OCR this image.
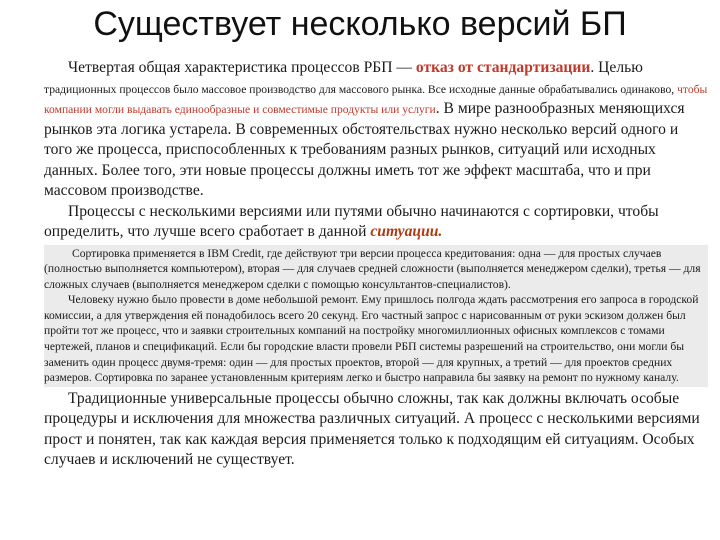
Существует несколько версий БП

Четвертая общая характеристика процессов РБП — отказ от стандартизации. Целью традиционных процессов было массовое производство для массового рынка. Все исходные данные обрабатывались одинаково, чтобы компании могли выдавать единообразные и совместимые продукты или услуги. В мире разнообразных меняющихся рынков эта логика устарела. В современных обстоятельствах нужно несколько версий одного и того же процесса, приспособленных к требованиям разных рынков, ситуаций или исходных данных. Более того, эти новые процессы должны иметь тот же эффект масштаба, что и при массовом производстве.

Процессы с несколькими версиями или путями обычно начинаются с сортировки, чтобы определить, что лучше всего сработает в данной ситуации.

Сортировка применяется в IBM Credit, где действуют три версии процесса кредитования: одна — для простых случаев (полностью выполняется компьютером), вторая — для случаев средней сложности (выполняется менеджером сделки), третья — для сложных случаев (выполняется менеджером сделки с помощью консультантов-специалистов).

Человеку нужно было провести в доме небольшой ремонт. Ему пришлось полгода ждать рассмотрения его запроса в городской комиссии, а для утверждения ей понадобилось всего 20 секунд. Его частный запрос с нарисованным от руки эскизом должен был пройти тот же процесс, что и заявки строительных компаний на постройку многомиллионных офисных комплексов с томами чертежей, планов и спецификаций. Если бы городские власти провели РБП системы разрешений на строительство, они могли бы заменить один процесс двумя-тремя: один — для простых проектов, второй — для крупных, а третий — для проектов средних размеров. Сортировка по заранее установленным критериям легко и быстро направила бы заявку на ремонт по нужному каналу.

Традиционные универсальные процессы обычно сложны, так как должны включать особые процедуры и исключения для множества различных ситуаций. А процесс с несколькими версиями прост и понятен, так как каждая версия применяется только к подходящим ей ситуациям. Особых случаев и исключений не существует.
